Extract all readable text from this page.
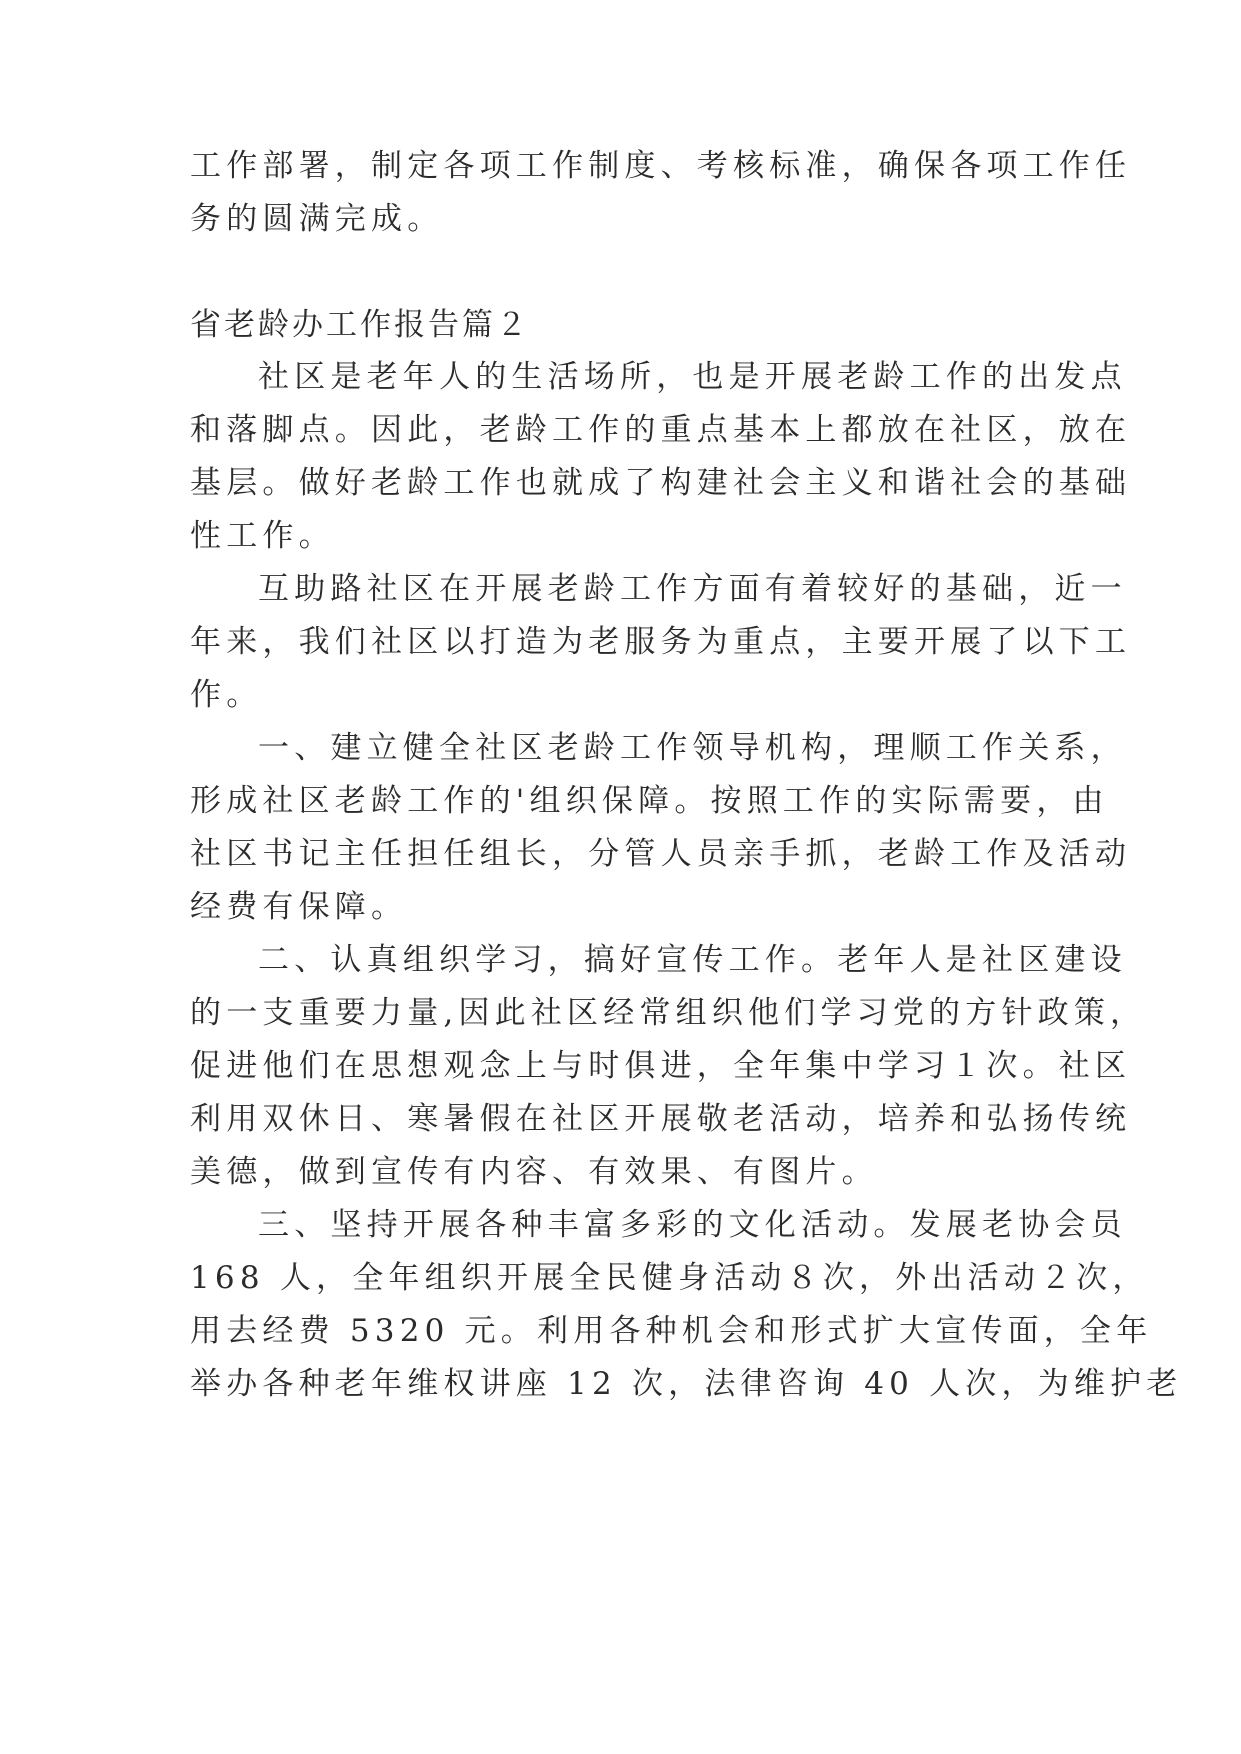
工作部署，制定各项工作制度、考核标准，确保各项工作任
务的圆满完成。
省老龄办工作报告篇２
社区是老年人的生活场所，也是开展老龄工作的出发点
和落脚点。因此，老龄工作的重点基本上都放在社区，放在
基层。做好老龄工作也就成了构建社会主义和谐社会的基础
性工作。
互助路社区在开展老龄工作方面有着较好的基础，近一
年来，我们社区以打造为老服务为重点，主要开展了以下工
作。
一、建立健全社区老龄工作领导机构，理顺工作关系，
形成社区老龄工作的'组织保障。按照工作的实际需要，由
社区书记主任担任组长，分管人员亲手抓，老龄工作及活动
经费有保障。
二、认真组织学习，搞好宣传工作。老年人是社区建设
的一支重要力量,因此社区经常组织他们学习党的方针政策，
促进他们在思想观念上与时俱进，全年集中学习１次。社区
利用双休日、寒暑假在社区开展敬老活动，培养和弘扬传统
美德，做到宣传有内容、有效果、有图片。
三、坚持开展各种丰富多彩的文化活动。发展老协会员
168 人，全年组织开展全民健身活动８次，外出活动２次，
用去经费 5320 元。利用各种机会和形式扩大宣传面，全年
举办各种老年维权讲座 12 次，法律咨询 40 人次，为维护老
